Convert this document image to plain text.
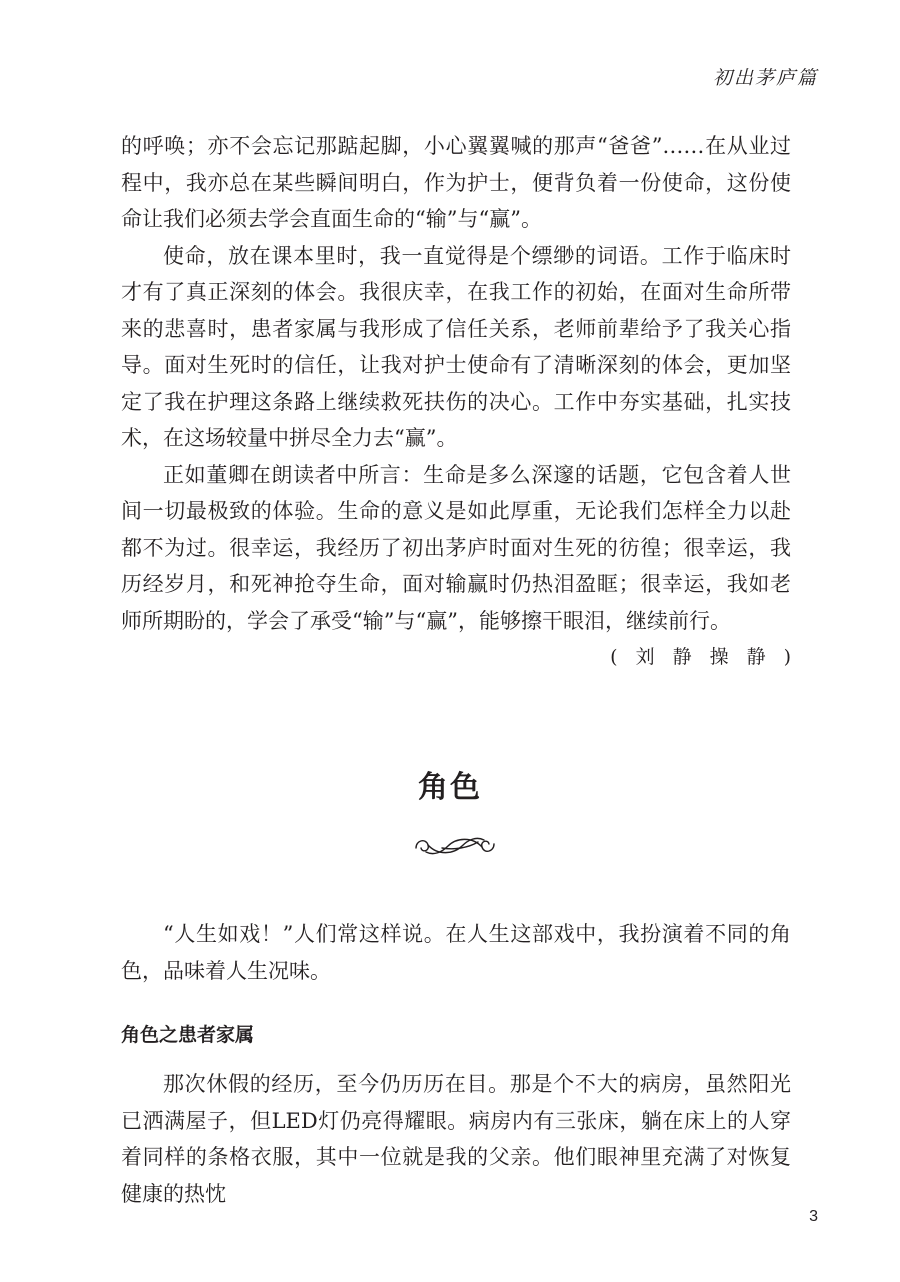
初出茅庐篇

的呼唤；亦不会忘记那踮起脚，小心翼翼喊的那声“爸爸”……在从业过程中，我亦总在某些瞬间明白，作为护士，便背负着一份使命，这份使命让我们必须去学会直面生命的“输”与“赢”。

使命，放在课本里时，我一直觉得是个缥缈的词语。工作于临床时才有了真正深刻的体会。我很庆幸，在我工作的初始，在面对生命所带来的悲喜时，患者家属与我形成了信任关系，老师前辈给予了我关心指导。面对生死时的信任，让我对护士使命有了清晰深刻的体会，更加坚定了我在护理这条路上继续救死扶伤的决心。工作中夯实基础，扎实技术，在这场较量中拼尽全力去“赢”。

正如董卿在朗读者中所言：生命是多么深邃的话题，它包含着人世间一切最极致的体验。生命的意义是如此厚重，无论我们怎样全力以赴都不为过。很幸运，我经历了初出茅庐时面对生死的彷徨；很幸运，我历经岁月，和死神抢夺生命，面对输赢时仍热泪盈眶；很幸运，我如老师所期盼的，学会了承受“输”与“赢”，能够擦干眼泪，继续前行。

(刘静操静)

角色

“人生如戏！”人们常这样说。在人生这部戏中，我扮演着不同的角色，品味着人生况味。

角色之患者家属

那次休假的经历，至今仍历历在目。那是个不大的病房，虽然阳光已洒满屋子，但LED灯仍亮得耀眼。病房内有三张床，躺在床上的人穿着同样的条格衣服，其中一位就是我的父亲。他们眼神里充满了对恢复健康的热忱

3
